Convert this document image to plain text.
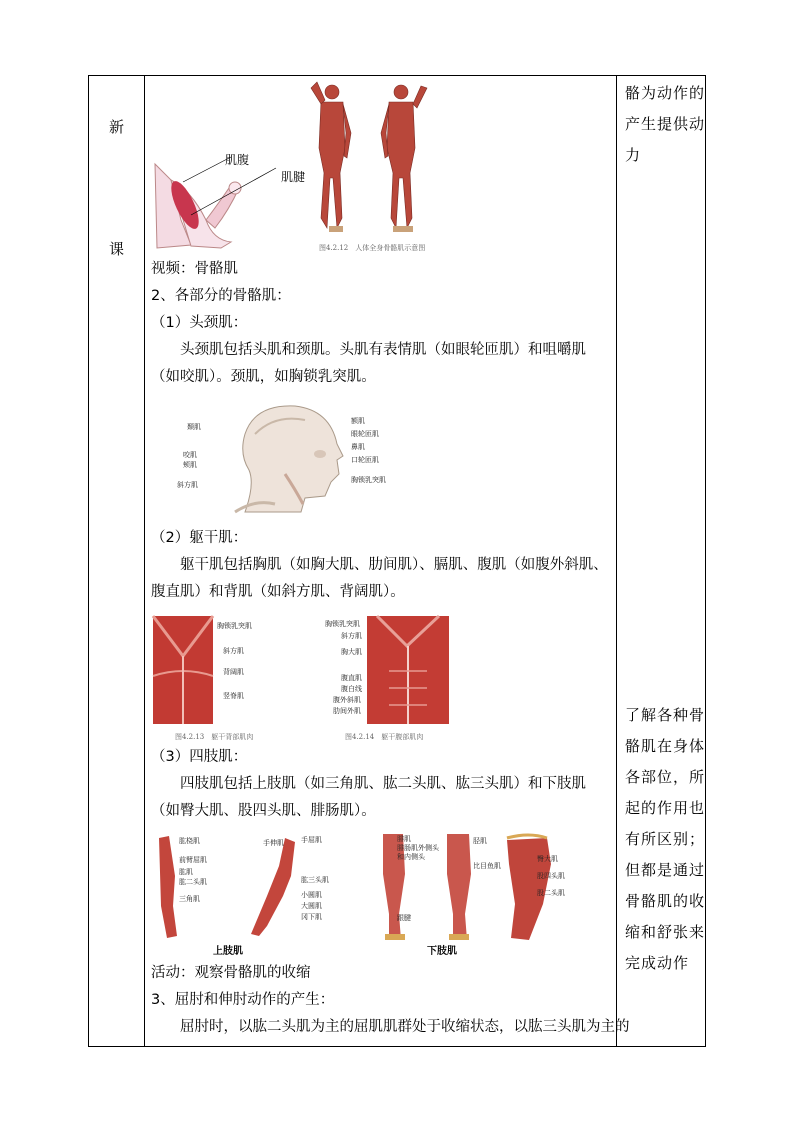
新
课
骼为动作的产生提供动力
了解各种骨骼肌在身体各部位，所起的作用也有所区别；但都是通过骨骼肌的收缩和舒张来完成动作
肌腹
肌腱
图4.2.12　人体全身骨骼肌示意图
视频：骨骼肌
2、各部分的骨骼肌：
（1）头颈肌：
头颈肌包括头肌和颈肌。头肌有表情肌（如眼轮匝肌）和咀嚼肌（如咬肌）。颈肌，如胸锁乳突肌。
颞肌
咬肌
颊肌
斜方肌
额肌
眼轮匝肌
鼻肌
口轮匝肌
胸锁乳突肌
（2）躯干肌：
躯干肌包括胸肌（如胸大肌、肋间肌）、膈肌、腹肌（如腹外斜肌、腹直肌）和背肌（如斜方肌、背阔肌）。
胸锁乳突肌
斜方肌
背阔肌
竖脊肌
图4.2.13　躯干背部肌肉
胸锁乳突肌
斜方肌
胸大肌
腹直肌
腹白线
腹外斜肌
肋间外肌
图4.2.14　躯干腹部肌肉
（3）四肢肌：
四肢肌包括上肢肌（如三角肌、肱二头肌、肱三头肌）和下肢肌（如臀大肌、股四头肌、腓肠肌）。
肱桡肌
前臂屈肌
肱肌
肱二头肌
三角肌
手伸肌 手屈肌
肱三头肌
小圆肌
大圆肌
冈下肌
上肢肌
腓肌
腓肠肌外侧头和内侧头
跟腱
胫肌
比目鱼肌
臀大肌
股四头肌
股二头肌
下肢肌
活动：观察骨骼肌的收缩
3、屈肘和伸肘动作的产生：
屈肘时，以肱二头肌为主的屈肌肌群处于收缩状态，以肱三头肌为主的
